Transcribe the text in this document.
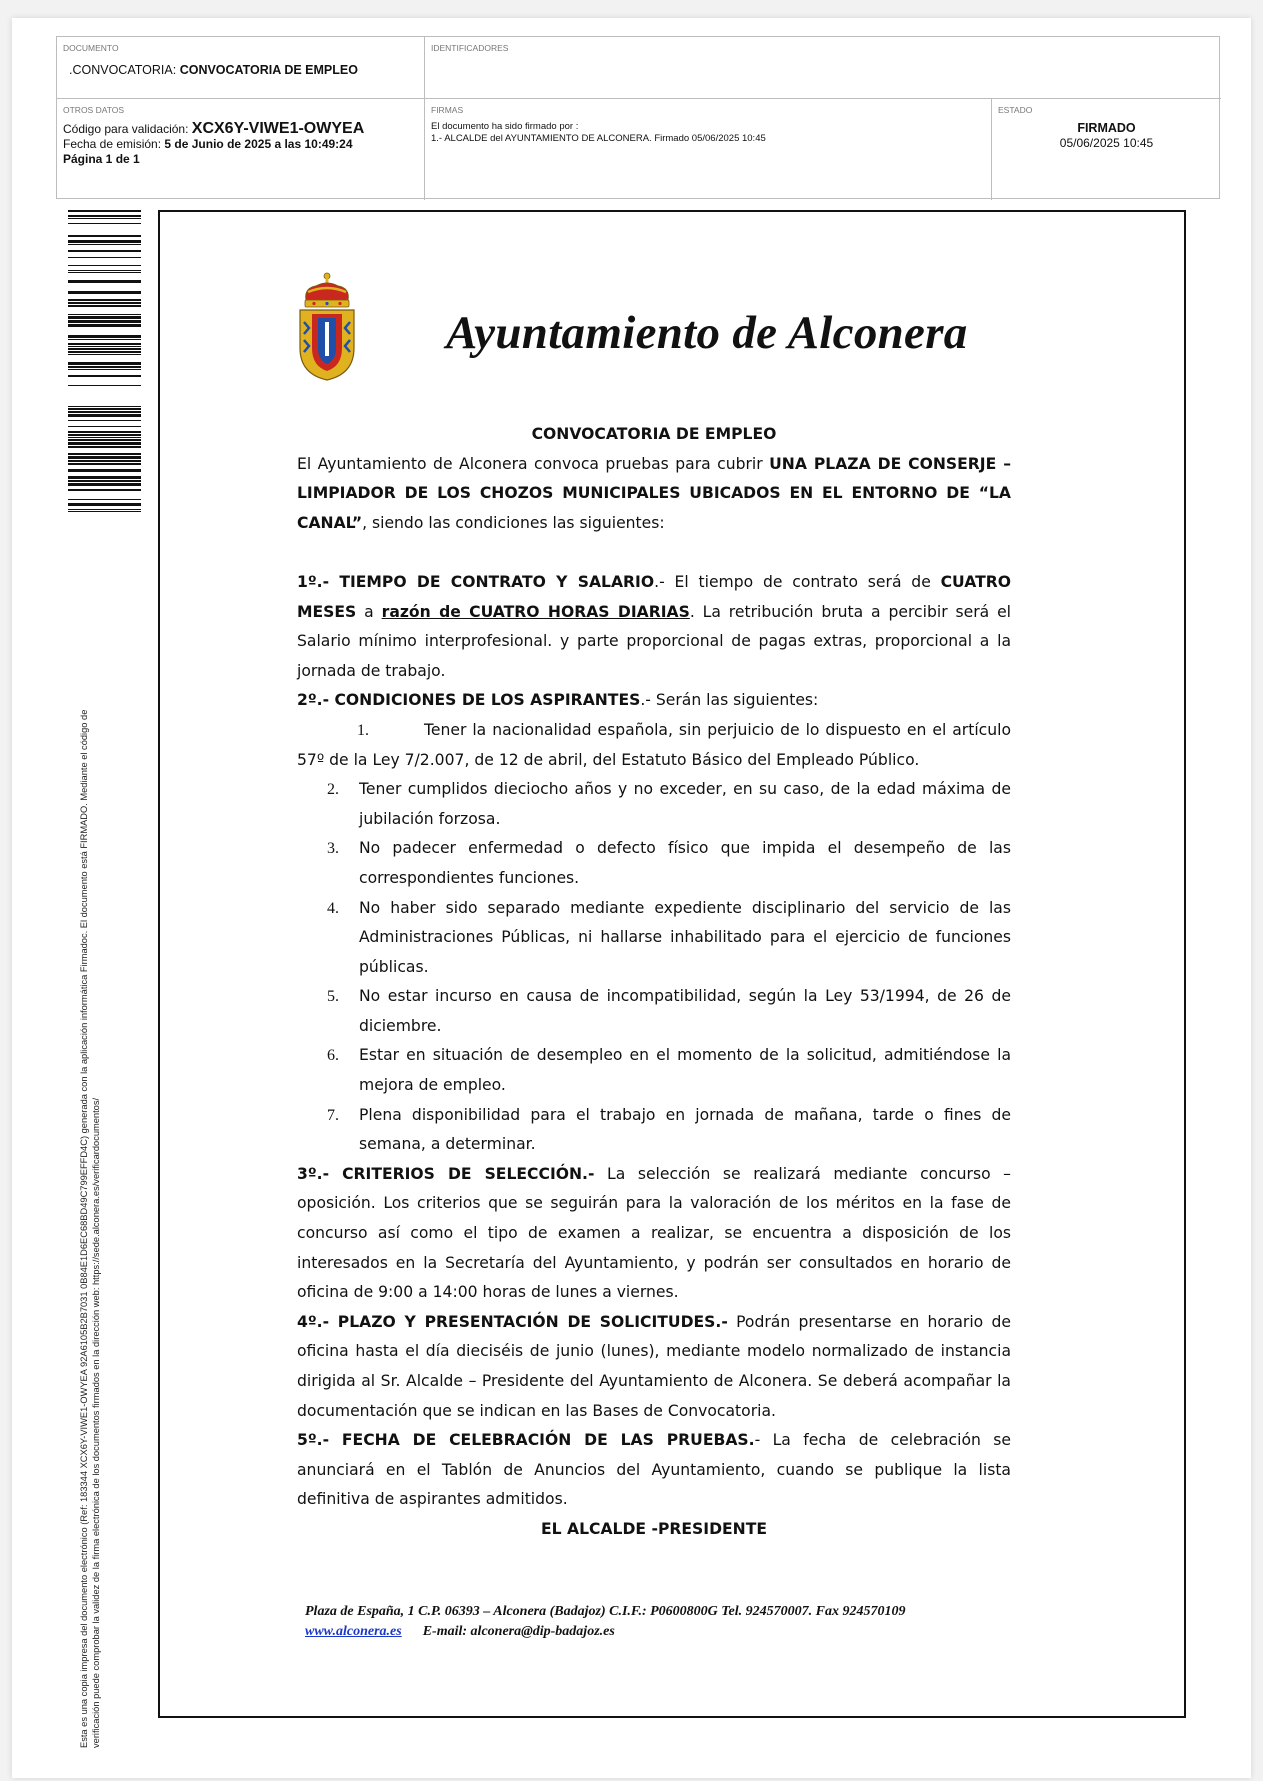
DOCUMENTO
.CONVOCATORIA: CONVOCATORIA DE EMPLEO
IDENTIFICADORES
OTROS DATOS
Código para validación: XCX6Y-VIWE1-OWYEA
Fecha de emisión: 5 de Junio de 2025 a las 10:49:24
Página 1 de 1
FIRMAS
El documento ha sido firmado por :
1.- ALCALDE del AYUNTAMIENTO DE ALCONERA. Firmado 05/06/2025 10:45
ESTADO
FIRMADO
05/06/2025 10:45
Esta es una copia impresa del documento electrónico (Ref: 183344 XCX6Y-VIWE1-OWYEA 92A6105B2B7031 0B84E1D6EC68BD49C799EFFD4C) generada con la aplicación informática Firmadoc. El documento está FIRMADO. Mediante el código de verificación puede comprobar la validez de la firma electrónica de los documentos firmados en la dirección web: https://sede.alconera.es/verificardocumentos/
Ayuntamiento de Alconera

CONVOCATORIA DE EMPLEO

El Ayuntamiento de Alconera convoca pruebas para cubrir UNA PLAZA DE CONSERJE – LIMPIADOR DE LOS CHOZOS MUNICIPALES UBICADOS EN EL ENTORNO DE “LA CANAL”, siendo las condiciones las siguientes:

1º.- TIEMPO DE CONTRATO Y SALARIO.- El tiempo de contrato será de CUATRO MESES a razón de CUATRO HORAS DIARIAS. La retribución bruta a percibir será el Salario mínimo interprofesional. y parte proporcional de pagas extras, proporcional a la jornada de trabajo.

2º.- CONDICIONES DE LOS ASPIRANTES.- Serán las siguientes:

1.	Tener la nacionalidad española, sin perjuicio de lo dispuesto en el artículo 57º de la Ley 7/2.007, de 12 de abril, del Estatuto Básico del Empleado Público.

2. Tener cumplidos dieciocho años y no exceder, en su caso, de la edad máxima de jubilación forzosa.
3. No padecer enfermedad o defecto físico que impida el desempeño de las correspondientes funciones.
4. No haber sido separado mediante expediente disciplinario del servicio de las Administraciones Públicas, ni hallarse inhabilitado para el ejercicio de funciones públicas.
5. No estar incurso en causa de incompatibilidad, según la Ley 53/1994, de 26 de diciembre.
6. Estar en situación de desempleo en el momento de la solicitud, admitiéndose la mejora de empleo.
7. Plena disponibilidad para el trabajo en jornada de mañana, tarde o fines de semana, a determinar.

3º.- CRITERIOS DE SELECCIÓN.- La selección se realizará mediante concurso – oposición. Los criterios que se seguirán para la valoración de los méritos en la fase de concurso así como el tipo de examen a realizar, se encuentra a disposición de los interesados en la Secretaría del Ayuntamiento, y podrán ser consultados en horario de oficina de 9:00 a 14:00 horas de lunes a viernes.

4º.- PLAZO Y PRESENTACIÓN DE SOLICITUDES.- Podrán presentarse en horario de oficina hasta el día dieciséis de junio (lunes), mediante modelo normalizado de instancia dirigida al Sr. Alcalde – Presidente del Ayuntamiento de Alconera. Se deberá acompañar la documentación que se indican en las Bases de Convocatoria.

5º.- FECHA DE CELEBRACIÓN DE LAS PRUEBAS.- La fecha de celebración se anunciará en el Tablón de Anuncios del Ayuntamiento, cuando se publique la lista definitiva de aspirantes admitidos.

EL ALCALDE -PRESIDENTE

Plaza de España, 1 C.P. 06393 – Alconera (Badajoz) C.I.F.: P0600800G Tel. 924570007. Fax 924570109
www.alconera.es E-mail: alconera@dip-badajoz.es
